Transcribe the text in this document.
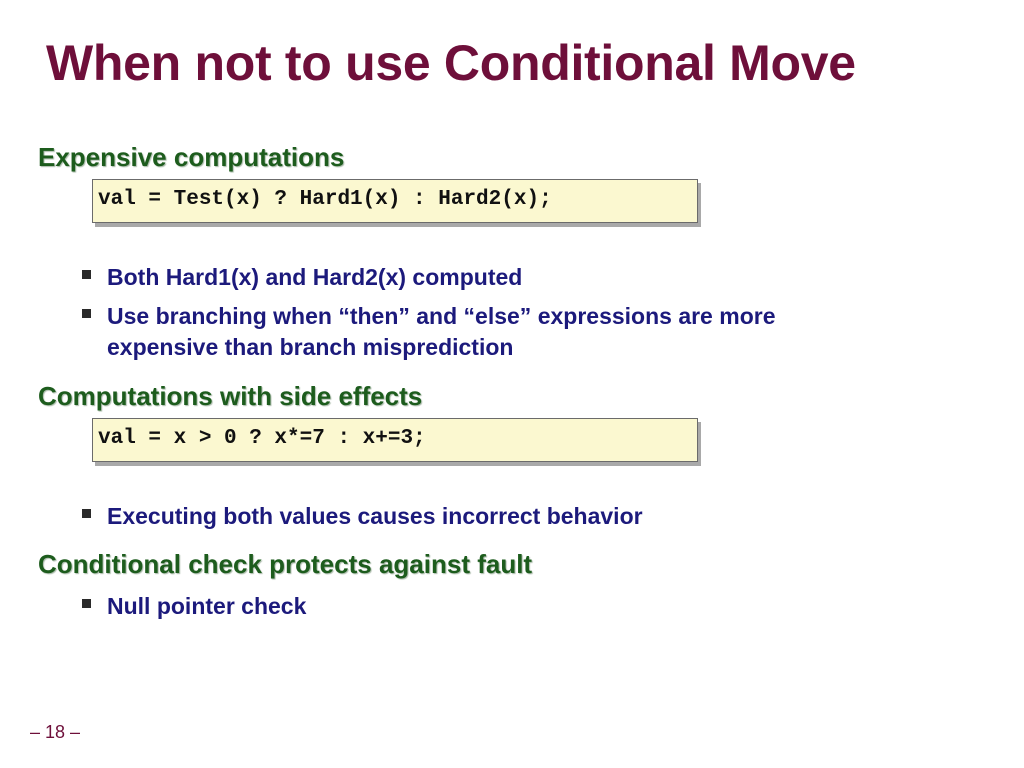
When not to use Conditional Move
Expensive computations
val = Test(x) ? Hard1(x) : Hard2(x);
Both Hard1(x) and Hard2(x) computed
Use branching when “then” and “else” expressions are more expensive than branch misprediction
Computations with side effects
val = x > 0 ? x*=7 : x+=3;
Executing both values causes incorrect behavior
Conditional check protects against fault
Null pointer check
– 18 –
